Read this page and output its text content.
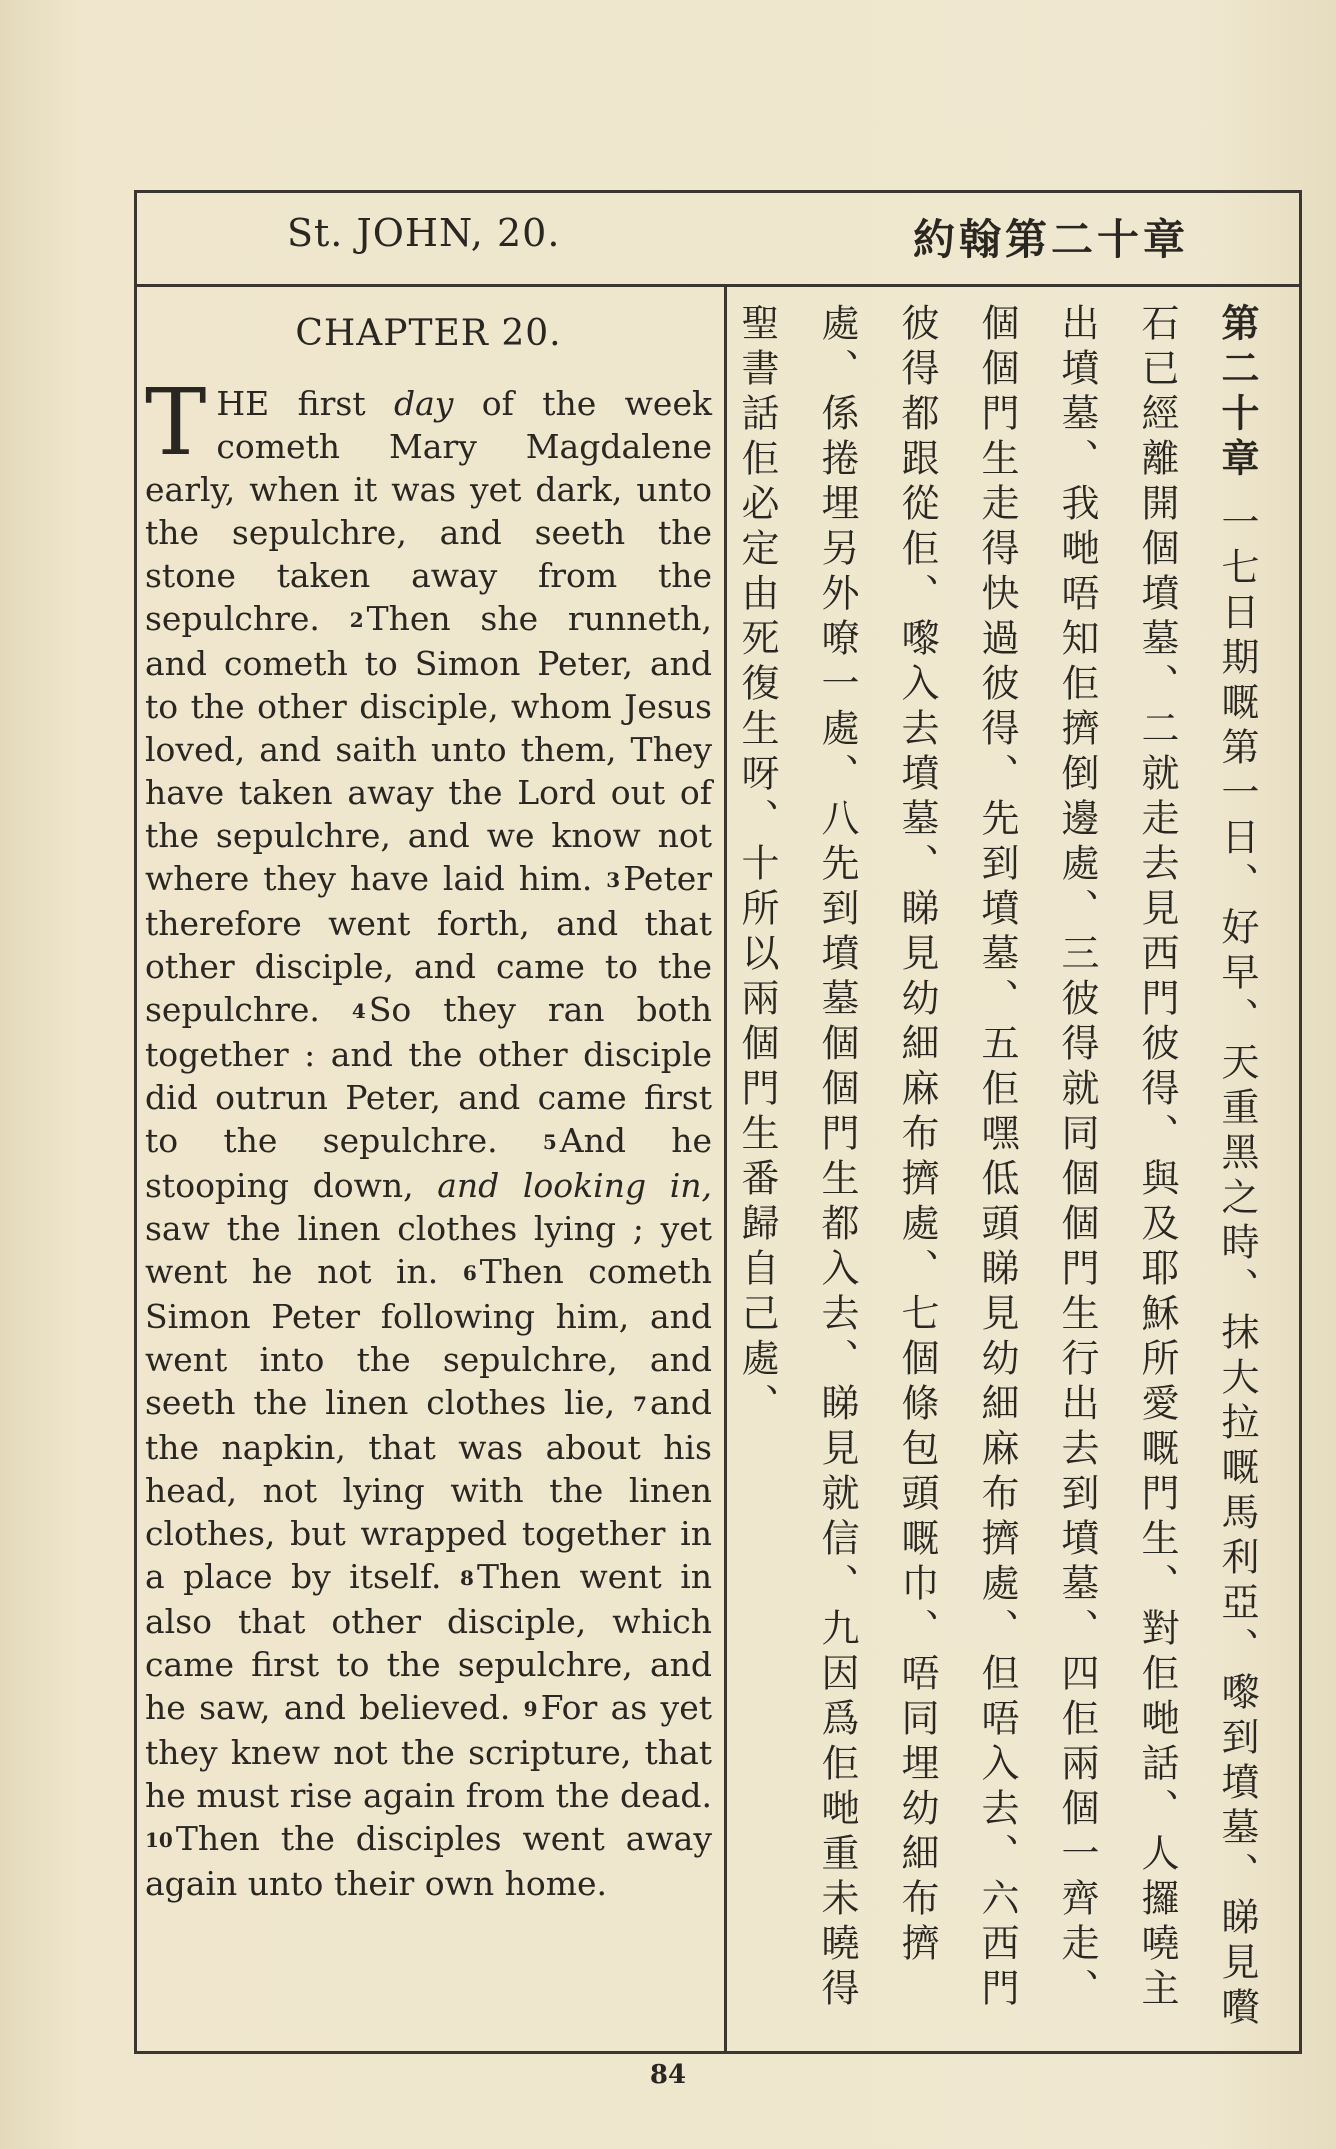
St. JOHN, 20.	約翰第二十章
CHAPTER 20.

THE first day of the week cometh Mary Magdalene early, when it was yet dark, unto the sepulchre, and seeth the stone taken away from the sepulchre. 2Then she runneth, and cometh to Simon Peter, and to the other disciple, whom Jesus loved, and saith unto them, They have taken away the Lord out of the sepulchre, and we know not where they have laid him. 3Peter therefore went forth, and that other disciple, and came to the sepulchre. 4So they ran both together : and the other disciple did outrun Peter, and came first to the sepulchre. 5And he stooping down, and looking in, saw the linen clothes lying ; yet went he not in. 6Then cometh Simon Peter following him, and went into the sepulchre, and seeth the linen clothes lie, 7and the napkin, that was about his head, not lying with the linen clothes, but wrapped together in a place by itself. 8Then went in also that other disciple, which came first to the sepulchre, and he saw, and believed. 9For as yet they knew not the scripture, that he must rise again from the dead. 10Then the disciples went away again unto their own home.

第二十章 一七日期嘅第一日、好早、天重黑之時、抹大拉嘅馬利亞、嚟到墳墓、睇見嚽石已經離開個墳墓、二就走去見西門彼得、與及耶穌所愛嘅門生、對佢哋話、人攞嘵主出墳墓、我哋唔知佢擠倒邊處、三彼得就同個個門生行出去到墳墓、四佢兩個一齊走、個個門生走得快過彼得、先到墳墓、五佢嘿低頭睇見幼細麻布擠處、但唔入去、六西門彼得都跟從佢、嚟入去墳墓、睇見幼細麻布擠處、七個條包頭嘅巾、唔同埋幼細布擠處、係捲埋另外嘹一處、八先到墳墓個個門生都入去、睇見就信、九因爲佢哋重未曉得聖書話佢必定由死復生呀、十所以兩個門生番歸自己處、
84
